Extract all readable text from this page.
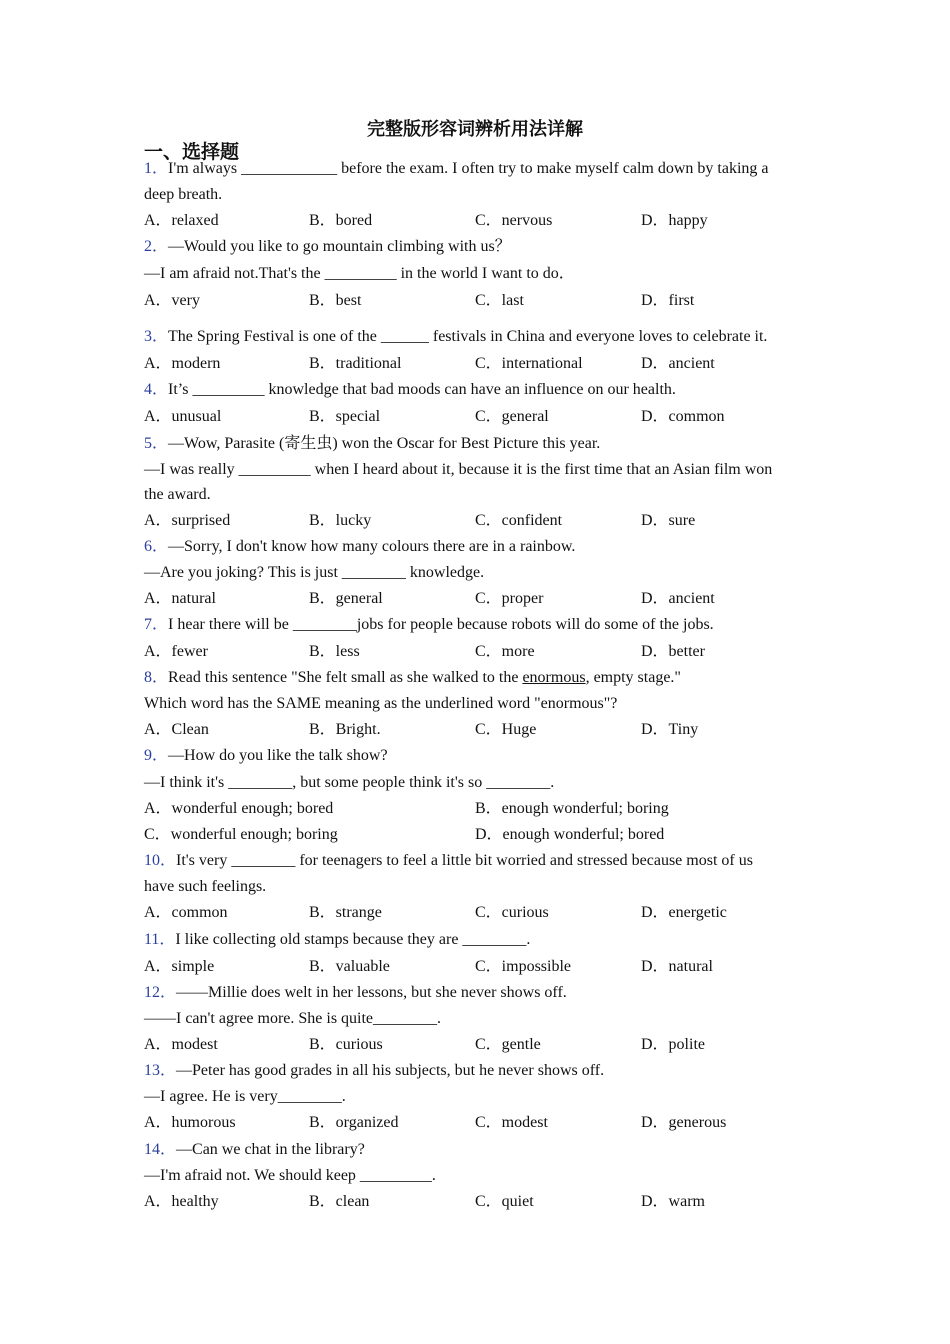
完整版形容词辨析用法详解
一、选择题
1．I'm always ____________ before the exam. I often try to make myself calm down by taking a
deep breath.
A．relaxed	B．bored	C．nervous	D．happy
2．—Would you like to go mountain climbing with us？
—I am afraid not.That's the _________ in the world I want to do．
A．very	B．best	C．last	D．first
3．The Spring Festival is one of the ______ festivals in China and everyone loves to celebrate it.
A．modern	B．traditional	C．international	D．ancient
4．It’s _________ knowledge that bad moods can have an influence on our health.
A．unusual	B．special	C．general	D．common
5．—Wow, Parasite (寄生虫) won the Oscar for Best Picture this year.
—I was really _________ when I heard about it, because it is the first time that an Asian film won
the award.
A．surprised	B．lucky	C．confident	D．sure
6．—Sorry, I don't know how many colours there are in a rainbow.
—Are you joking? This is just ________ knowledge.
A．natural	B．general	C．proper	D．ancient
7．I hear there will be ________jobs for people because robots will do some of the jobs.
A．fewer	B．less	C．more	D．better
8．Read this sentence "She felt small as she walked to the enormous, empty stage."
Which word has the SAME meaning as the underlined word "enormous"?
A．Clean	B．Bright.	C．Huge	D．Tiny
9．—How do you like the talk show?
—I think it's ________, but some people think it's so ________.
A．wonderful enough; bored	B．enough wonderful; boring
C．wonderful enough; boring	D．enough wonderful; bored
10．It's very ________ for teenagers to feel a little bit worried and stressed because most of us
have such feelings.
A．common	B．strange	C．curious	D．energetic
11．I like collecting old stamps because they are ________.
A．simple	B．valuable	C．impossible	D．natural
12．——Millie does welt in her lessons, but she never shows off.
——I can't agree more. She is quite________.
A．modest	B．curious	C．gentle	D．polite
13．—Peter has good grades in all his subjects, but he never shows off.
—I agree. He is very________.
A．humorous	B．organized	C．modest	D．generous
14．—Can we chat in the library?
—I'm afraid not. We should keep _________.
A．healthy	B．clean	C．quiet	D．warm
